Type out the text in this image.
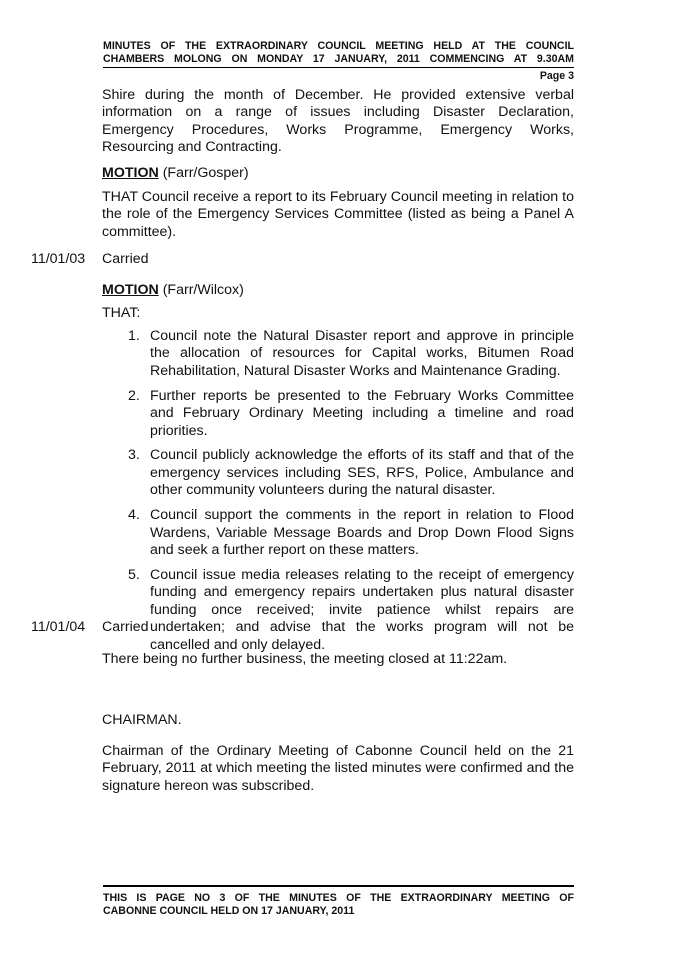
MINUTES OF THE EXTRAORDINARY COUNCIL MEETING HELD AT THE COUNCIL
CHAMBERS MOLONG ON MONDAY 17 JANUARY, 2011 COMMENCING AT 9.30AM
Page 3
Shire during the month of December. He provided extensive verbal information on a range of issues including Disaster Declaration, Emergency Procedures, Works Programme, Emergency Works, Resourcing and Contracting.
MOTION (Farr/Gosper)
THAT Council receive a report to its February Council meeting in relation to the role of the Emergency Services Committee (listed as being a Panel A committee).
11/01/03 Carried
MOTION (Farr/Wilcox)
THAT:
1. Council note the Natural Disaster report and approve in principle the allocation of resources for Capital works, Bitumen Road Rehabilitation, Natural Disaster Works and Maintenance Grading.
2. Further reports be presented to the February Works Committee and February Ordinary Meeting including a timeline and road priorities.
3. Council publicly acknowledge the efforts of its staff and that of the emergency services including SES, RFS, Police, Ambulance and other community volunteers during the natural disaster.
4. Council support the comments in the report in relation to Flood Wardens, Variable Message Boards and Drop Down Flood Signs and seek a further report on these matters.
5. Council issue media releases relating to the receipt of emergency funding and emergency repairs undertaken plus natural disaster funding once received; invite patience whilst repairs are undertaken; and advise that the works program will not be cancelled and only delayed.
11/01/04 Carried
There being no further business, the meeting closed at 11:22am.
CHAIRMAN.
Chairman of the Ordinary Meeting of Cabonne Council held on the 21 February, 2011 at which meeting the listed minutes were confirmed and the signature hereon was subscribed.
THIS IS PAGE NO 3 OF THE MINUTES OF THE EXTRAORDINARY MEETING OF
CABONNE COUNCIL HELD ON 17 JANUARY, 2011
